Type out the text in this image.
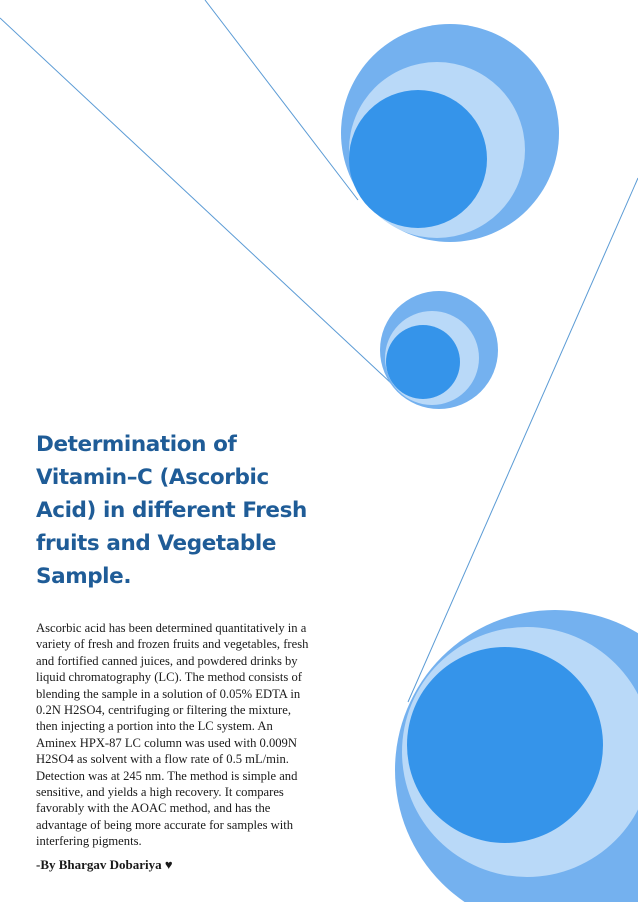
Determination of
Vitamin–C (Ascorbic
Acid) in different Fresh
fruits and Vegetable
Sample.

Ascorbic acid has been determined quantitatively in a
variety of fresh and frozen fruits and vegetables, fresh
and fortified canned juices, and powdered drinks by
liquid chromatography (LC). The method consists of
blending the sample in a solution of 0.05% EDTA in
0.2N H2SO4, centrifuging or filtering the mixture,
then injecting a portion into the LC system. An
Aminex HPX-87 LC column was used with 0.009N
H2SO4 as solvent with a flow rate of 0.5 mL/min.
Detection was at 245 nm. The method is simple and
sensitive, and yields a high recovery. It compares
favorably with the AOAC method, and has the
advantage of being more accurate for samples with
interfering pigments.

-By Bhargav Dobariya ♥
